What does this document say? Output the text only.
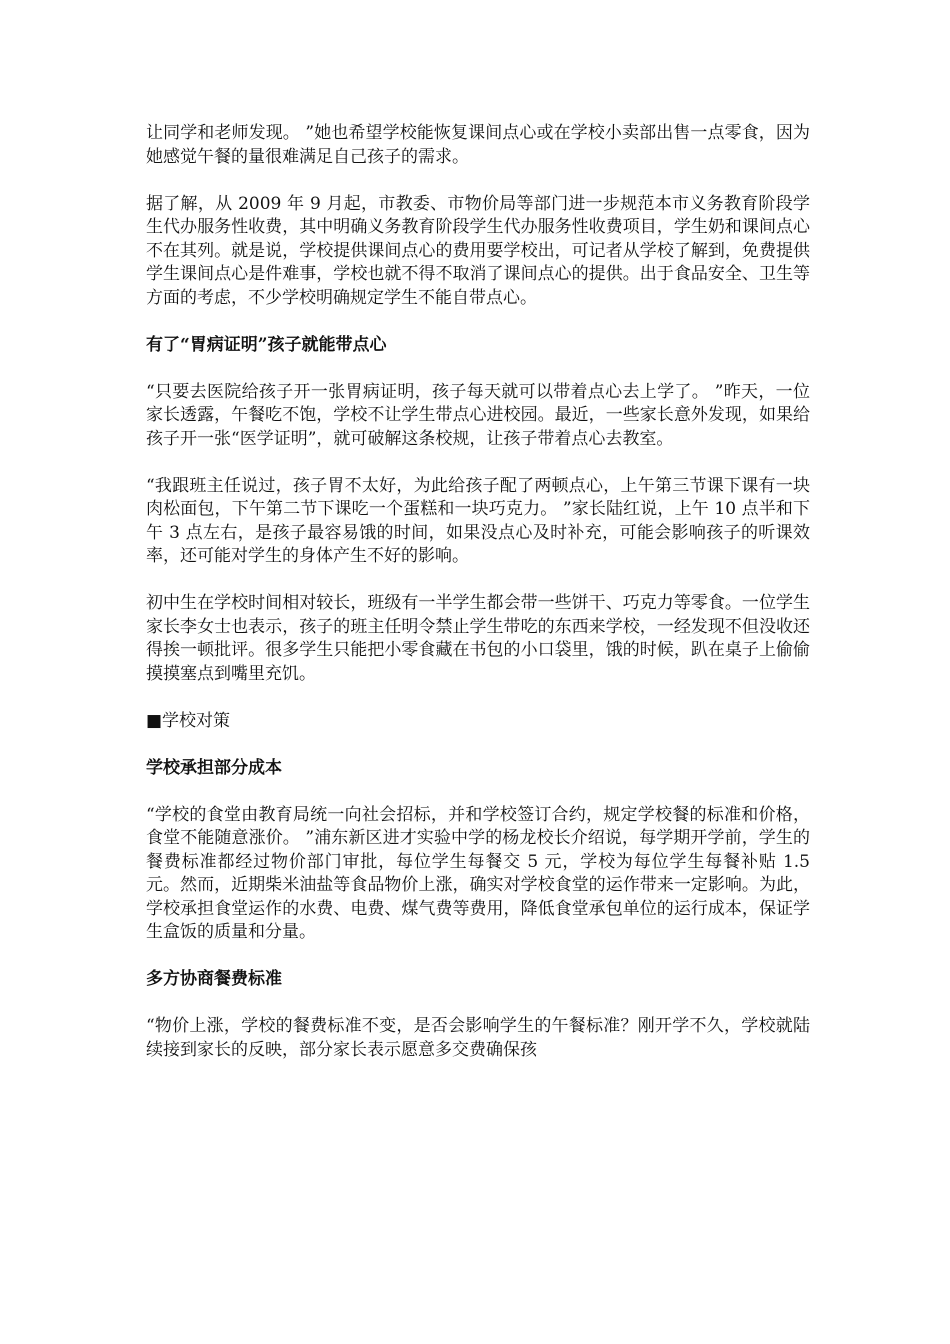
让同学和老师发现。 ”她也希望学校能恢复课间点心或在学校小卖部出售一点零食，因为她感觉午餐的量很难满足自己孩子的需求。

据了解，从 2009 年 9 月起，市教委、市物价局等部门进一步规范本市义务教育阶段学生代办服务性收费，其中明确义务教育阶段学生代办服务性收费项目，学生奶和课间点心不在其列。就是说，学校提供课间点心的费用要学校出，可记者从学校了解到，免费提供学生课间点心是件难事，学校也就不得不取消了课间点心的提供。出于食品安全、卫生等方面的考虑，不少学校明确规定学生不能自带点心。

有了“胃病证明”孩子就能带点心

“只要去医院给孩子开一张胃病证明，孩子每天就可以带着点心去上学了。 ”昨天，一位家长透露，午餐吃不饱，学校不让学生带点心进校园。最近，一些家长意外发现，如果给孩子开一张“医学证明”，就可破解这条校规，让孩子带着点心去教室。

“我跟班主任说过，孩子胃不太好，为此给孩子配了两顿点心，上午第三节课下课有一块肉松面包，下午第二节下课吃一个蛋糕和一块巧克力。 ”家长陆红说，上午 10 点半和下午 3 点左右，是孩子最容易饿的时间，如果没点心及时补充，可能会影响孩子的听课效率，还可能对学生的身体产生不好的影响。

初中生在学校时间相对较长，班级有一半学生都会带一些饼干、巧克力等零食。一位学生家长李女士也表示，孩子的班主任明令禁止学生带吃的东西来学校，一经发现不但没收还得挨一顿批评。很多学生只能把小零食藏在书包的小口袋里，饿的时候，趴在桌子上偷偷摸摸塞点到嘴里充饥。

■学校对策

学校承担部分成本

“学校的食堂由教育局统一向社会招标，并和学校签订合约，规定学校餐的标准和价格，食堂不能随意涨价。 ”浦东新区进才实验中学的杨龙校长介绍说，每学期开学前，学生的餐费标准都经过物价部门审批，每位学生每餐交 5 元，学校为每位学生每餐补贴 1.5 元。然而，近期柴米油盐等食品物价上涨，确实对学校食堂的运作带来一定影响。为此，学校承担食堂运作的水费、电费、煤气费等费用，降低食堂承包单位的运行成本，保证学生盒饭的质量和分量。

多方协商餐费标准

“物价上涨，学校的餐费标准不变，是否会影响学生的午餐标准？刚开学不久，学校就陆续接到家长的反映，部分家长表示愿意多交费确保孩
